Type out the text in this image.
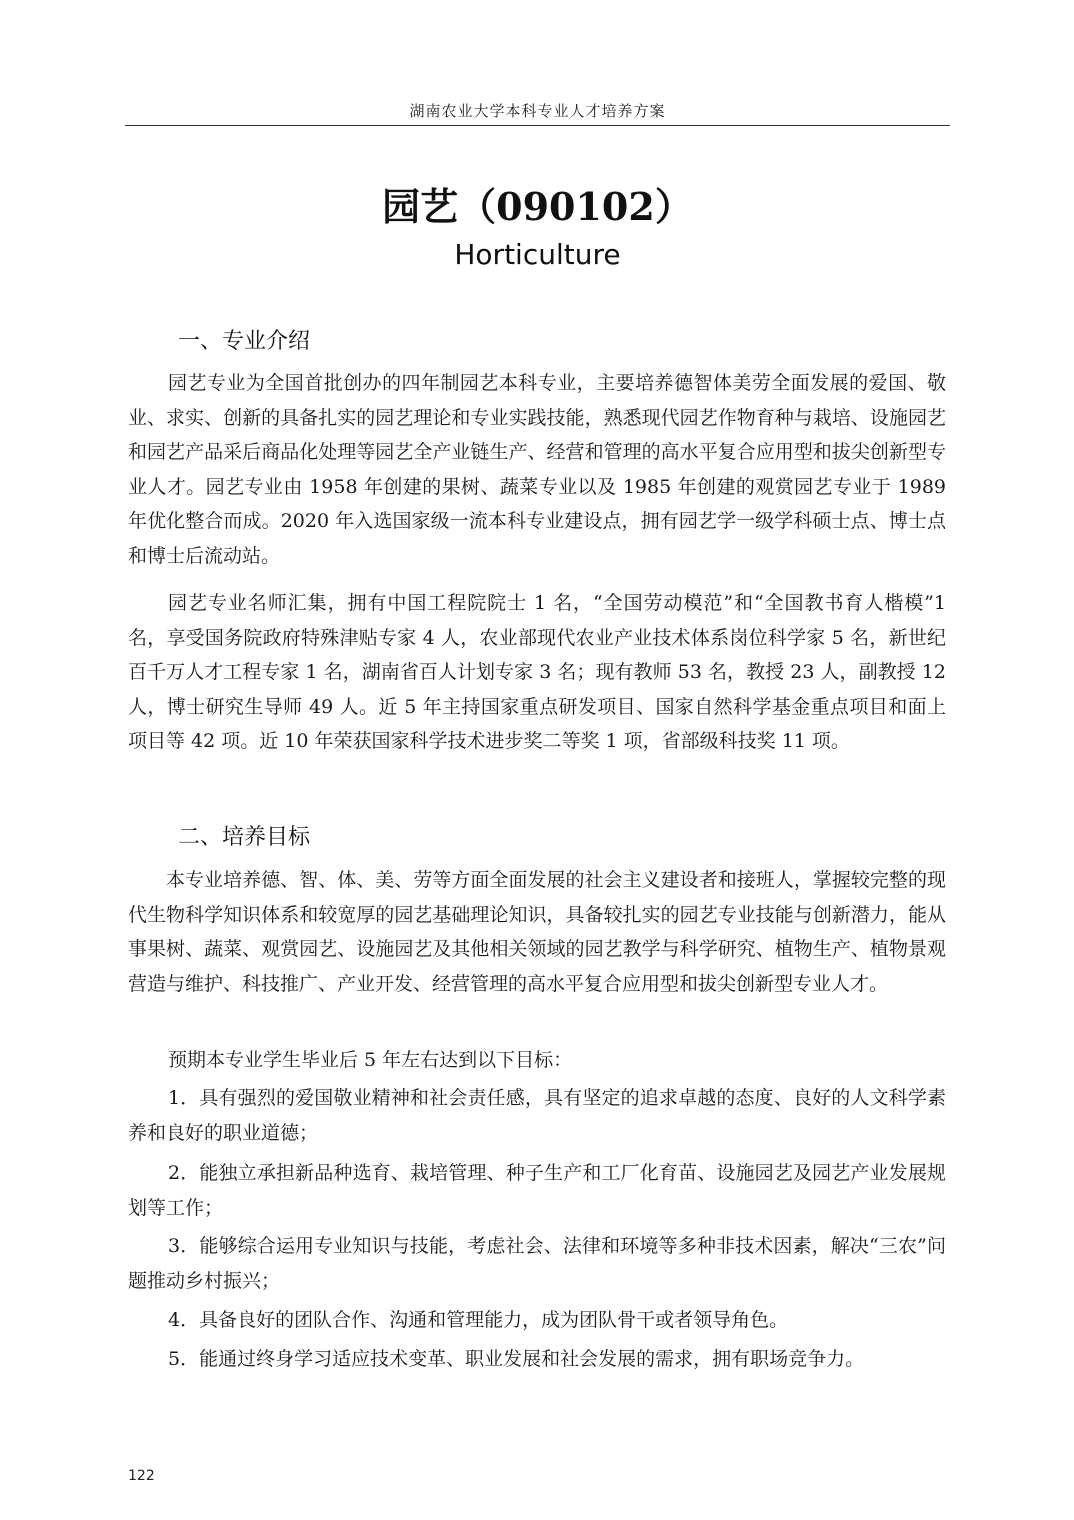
湖南农业大学本科专业人才培养方案
园艺（090102）
Horticulture
一、专业介绍

园艺专业为全国首批创办的四年制园艺本科专业，主要培养德智体美劳全面发展的爱国、敬业、求实、创新的具备扎实的园艺理论和专业实践技能，熟悉现代园艺作物育种与栽培、设施园艺和园艺产品采后商品化处理等园艺全产业链生产、经营和管理的高水平复合应用型和拔尖创新型专业人才。园艺专业由 1958 年创建的果树、蔬菜专业以及 1985 年创建的观赏园艺专业于 1989 年优化整合而成。2020 年入选国家级一流本科专业建设点，拥有园艺学一级学科硕士点、博士点和博士后流动站。

园艺专业名师汇集，拥有中国工程院院士 1 名，“全国劳动模范”和“全国教书育人楷模”1 名，享受国务院政府特殊津贴专家 4 人，农业部现代农业产业技术体系岗位科学家 5 名，新世纪百千万人才工程专家 1 名，湖南省百人计划专家 3 名；现有教师 53 名，教授 23 人，副教授 12 人，博士研究生导师 49 人。近 5 年主持国家重点研发项目、国家自然科学基金重点项目和面上项目等 42 项。近 10 年荣获国家科学技术进步奖二等奖 1 项，省部级科技奖 11 项。

二、培养目标

本专业培养德、智、体、美、劳等方面全面发展的社会主义建设者和接班人，掌握较完整的现代生物科学知识体系和较宽厚的园艺基础理论知识，具备较扎实的园艺专业技能与创新潜力，能从事果树、蔬菜、观赏园艺、设施园艺及其他相关领域的园艺教学与科学研究、植物生产、植物景观营造与维护、科技推广、产业开发、经营管理的高水平复合应用型和拔尖创新型专业人才。

预期本专业学生毕业后 5 年左右达到以下目标：

1．具有强烈的爱国敬业精神和社会责任感，具有坚定的追求卓越的态度、良好的人文科学素养和良好的职业道德；

2．能独立承担新品种选育、栽培管理、种子生产和工厂化育苗、设施园艺及园艺产业发展规划等工作；

3．能够综合运用专业知识与技能，考虑社会、法律和环境等多种非技术因素，解决“三农”问题推动乡村振兴；

4．具备良好的团队合作、沟通和管理能力，成为团队骨干或者领导角色。

5．能通过终身学习适应技术变革、职业发展和社会发展的需求，拥有职场竞争力。

122
